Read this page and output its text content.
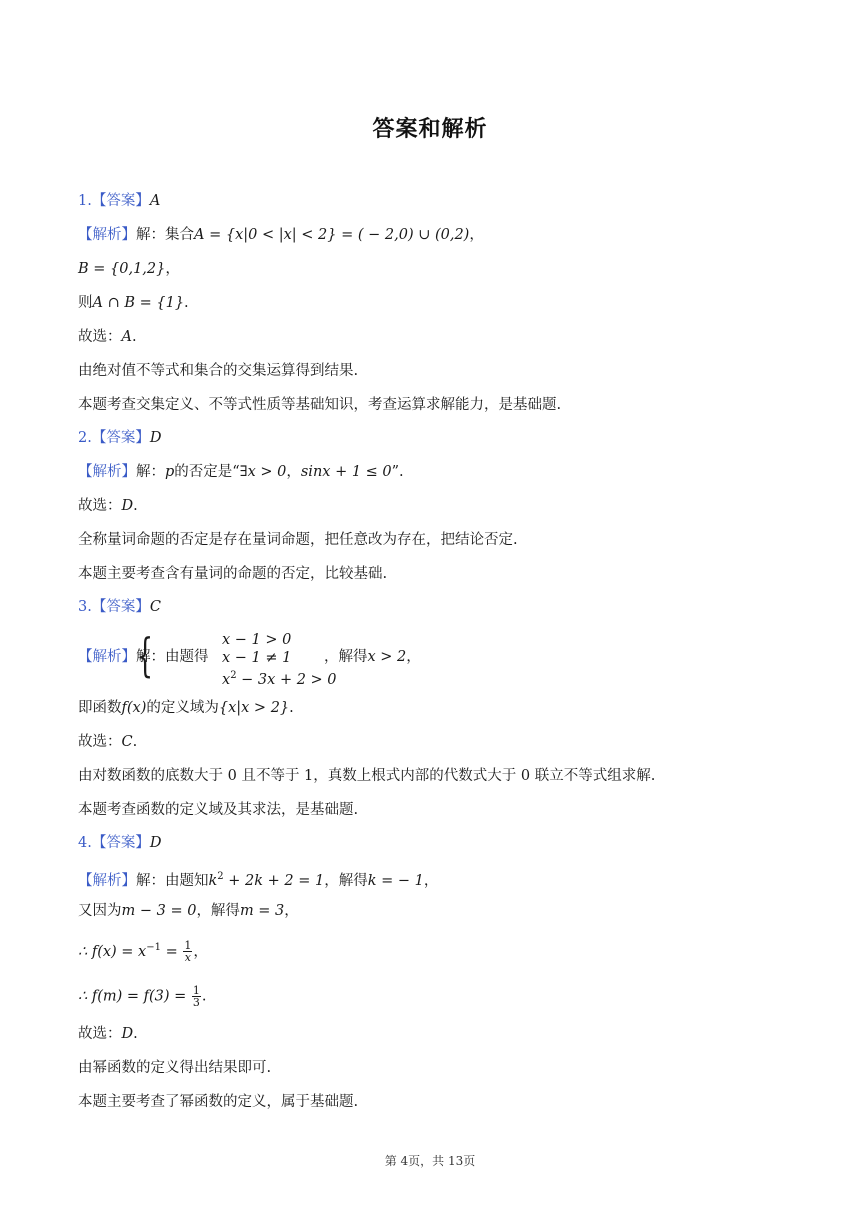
答案和解析
1.【答案】A
【解析】解：集合A = {x|0 < |x| < 2} = ( − 2,0) ∪ (0,2)，
B = {0,1,2}，
则A ∩ B = {1}.
故选：A.
由绝对值不等式和集合的交集运算得到结果.
本题考查交集定义、不等式性质等基础知识，考查运算求解能力，是基础题.
2.【答案】D
【解析】解：p的否定是“∃x > 0，sinx + 1 ≤ 0”.
故选：D.
全称量词命题的否定是存在量词命题，把任意改为存在，把结论否定.
本题主要考查含有量词的命题的否定，比较基础.
3.【答案】C
【解析】解：由题得
{	x − 1 > 0
x − 1 ≠ 1
$x^2 - 3x + 2 > 0$
，解得x > 2，
即函数f(x)的定义域为{x|x > 2}.
故选：C.
由对数函数的底数大于 0 且不等于 1，真数上根式内部的代数式大于 0 联立不等式组求解.
本题考查函数的定义域及其求法，是基础题.
4.【答案】D
【解析】解：由题知$k^2 + 2k + 2 = 1$，解得k = − 1，
又因为m − 3 = 0，解得m = 3，
∴ $f(x) = x^{-1} = \frac{1}{x}$ ，
∴ $f(m) = f(3) = \frac{1}{3}$ .
故选：D.
由幂函数的定义得出结果即可.
本题主要考查了幂函数的定义，属于基础题.
第 4页，共 13页
